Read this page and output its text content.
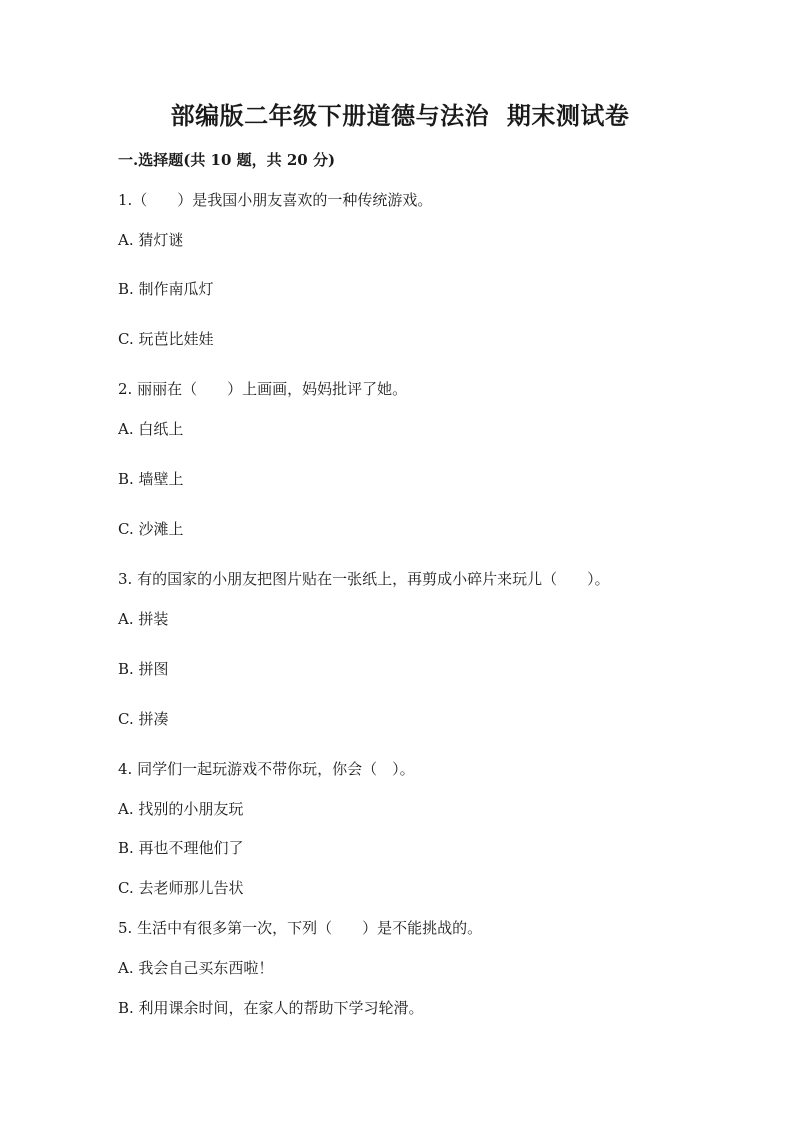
部编版二年级下册道德与法治  期末测试卷
一.选择题(共 10 题，共 20 分)
1.（　　）是我国小朋友喜欢的一种传统游戏。
A. 猜灯谜
B. 制作南瓜灯
C. 玩芭比娃娃
2. 丽丽在（　　）上画画，妈妈批评了她。
A. 白纸上
B. 墙壁上
C. 沙滩上
3. 有的国家的小朋友把图片贴在一张纸上，再剪成小碎片来玩儿（　　）。
A. 拼装
B. 拼图
C. 拼凑
4. 同学们一起玩游戏不带你玩，你会（　）。
A. 找别的小朋友玩
B. 再也不理他们了
C. 去老师那儿告状
5. 生活中有很多第一次，下列（　　）是不能挑战的。
A. 我会自己买东西啦！
B. 利用课余时间，在家人的帮助下学习轮滑。
